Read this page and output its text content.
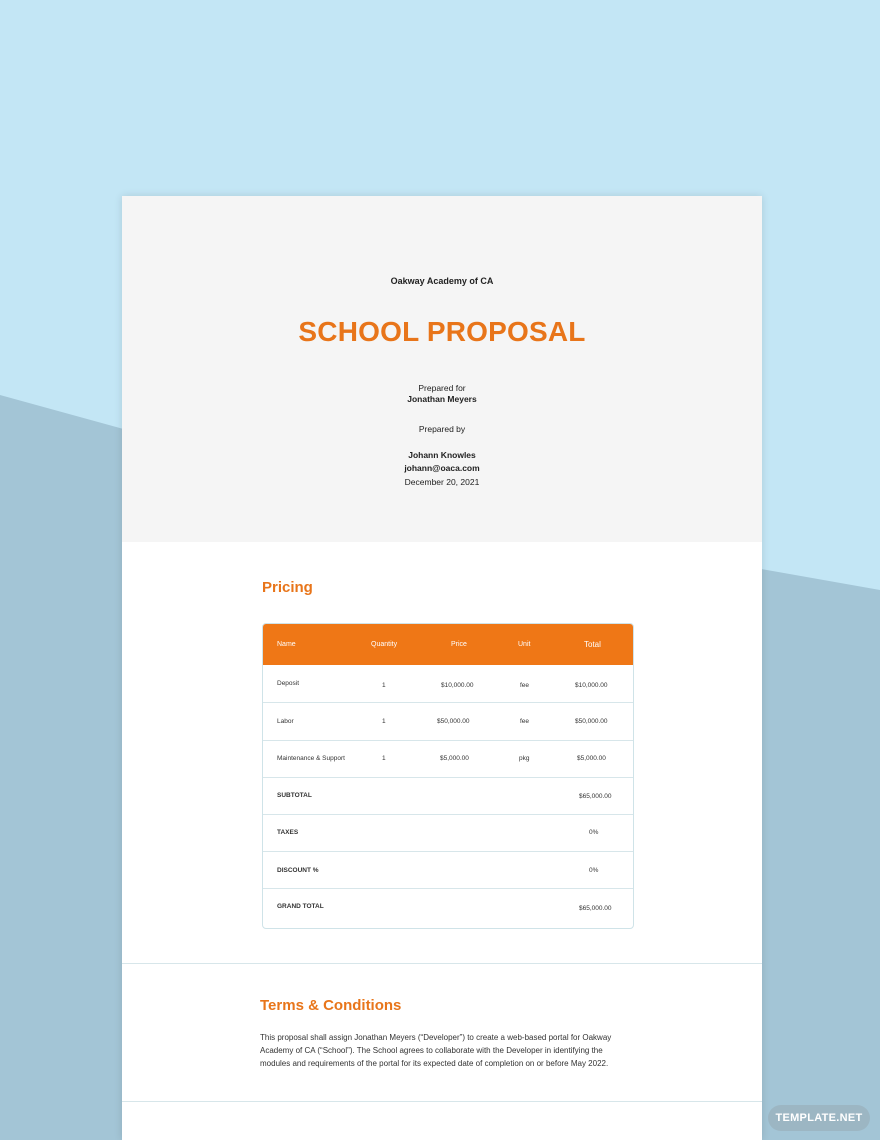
Oakway Academy of CA
SCHOOL PROPOSAL
Prepared for
Jonathan Meyers
Prepared by
Johann Knowles
johann@oaca.com
December 20, 2021
Pricing
Name	Quantity	Price	Unit	Total
Deposit	1	$10,000.00	fee	$10,000.00
Labor	1	$50,000.00	fee	$50,000.00
Maintenance & Support	1	$5,000.00	pkg	$5,000.00
SUBTOTAL	$65,000.00
TAXES	0%
DISCOUNT %	0%
GRAND TOTAL	$65,000.00
Terms & Conditions
This proposal shall assign Jonathan Meyers (“Developer”) to create a web-based portal for Oakway Academy of CA (“School”). The School agrees to collaborate with the Developer in identifying the modules and requirements of the portal for its expected date of completion on or before May 2022.
TEMPLATE.NET
